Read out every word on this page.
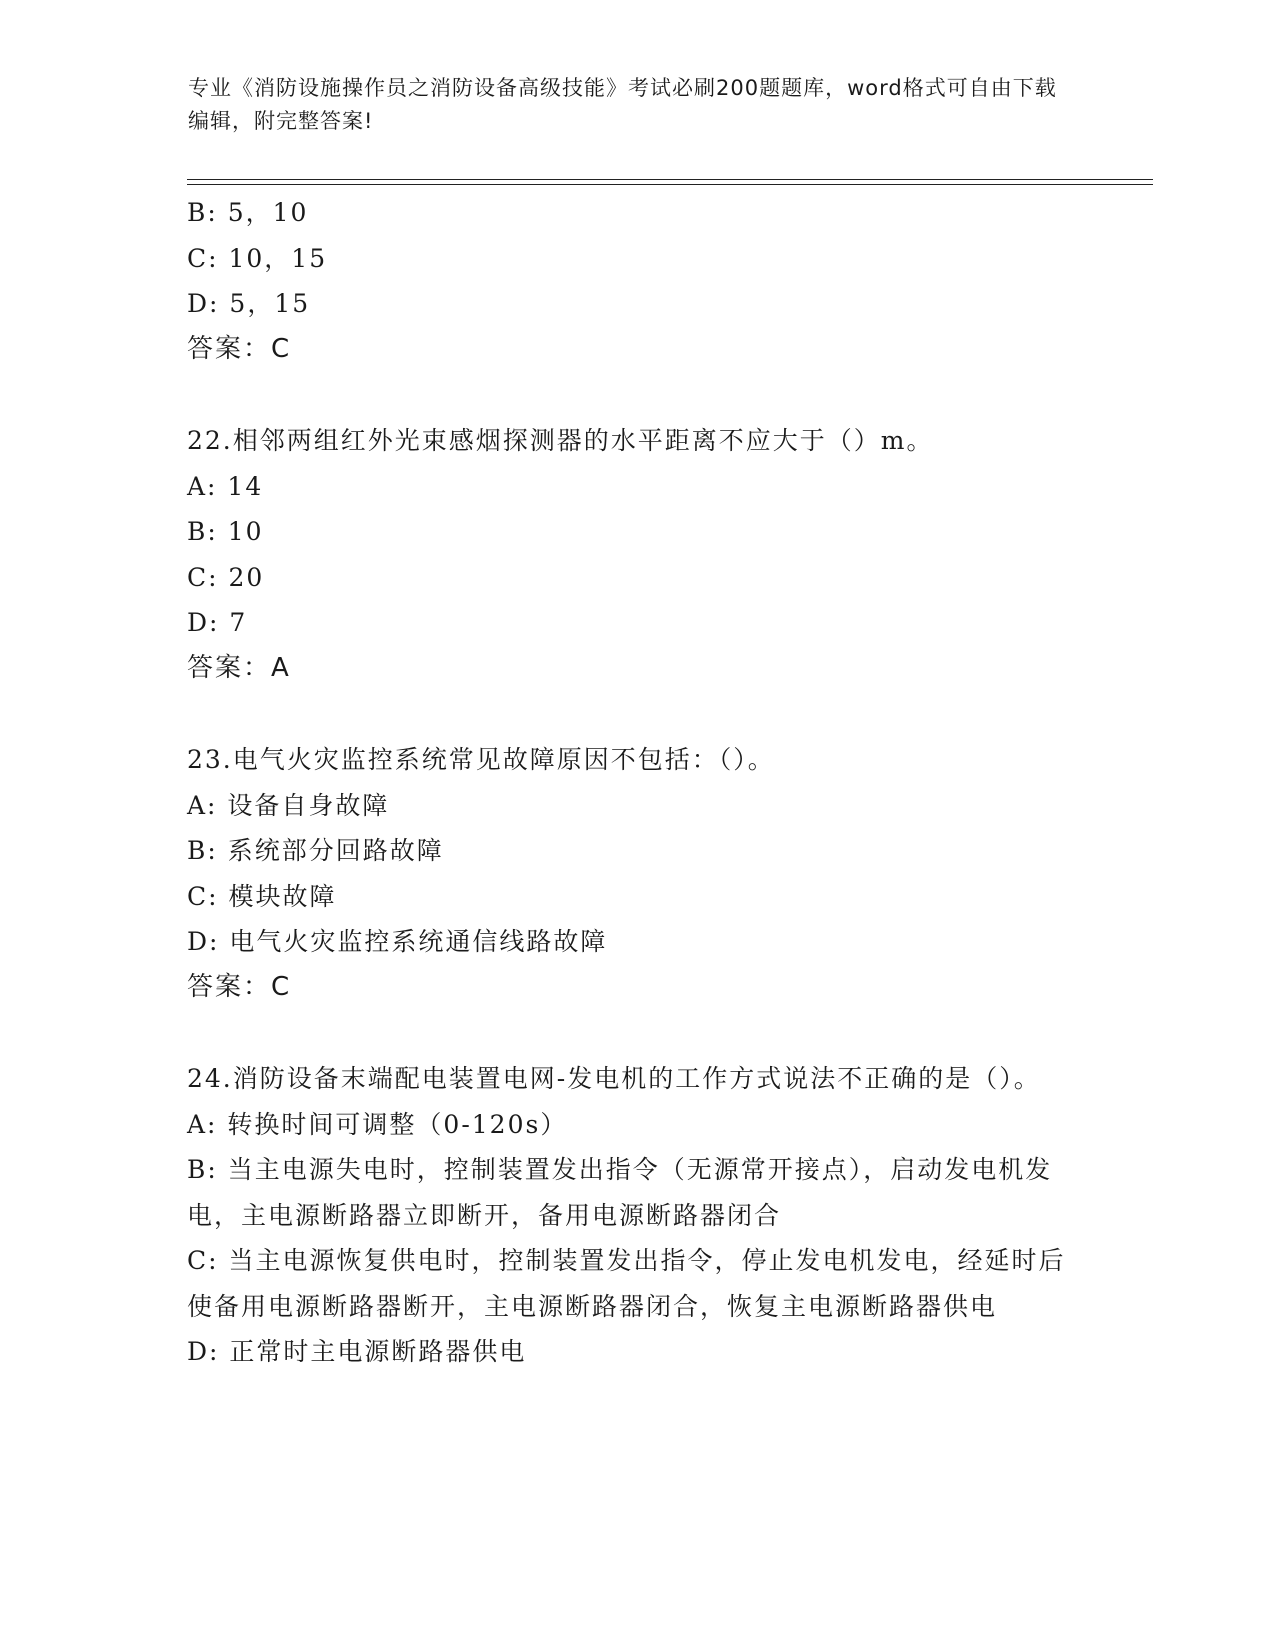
专业《消防设施操作员之消防设备高级技能》考试必刷200题题库，word格式可自由下载编辑，附完整答案!
B: 5，10
C: 10，15
D: 5，15
答案：C
22.相邻两组红外光束感烟探测器的水平距离不应大于（）m。
A: 14
B: 10
C: 20
D: 7
答案：A
23.电气火灾监控系统常见故障原因不包括：（）。
A: 设备自身故障
B: 系统部分回路故障
C: 模块故障
D: 电气火灾监控系统通信线路故障
答案：C
24.消防设备末端配电装置电网-发电机的工作方式说法不正确的是（）。
A: 转换时间可调整（0-120s）
B: 当主电源失电时，控制装置发出指令（无源常开接点），启动发电机发电，主电源断路器立即断开，备用电源断路器闭合
C: 当主电源恢复供电时，控制装置发出指令，停止发电机发电，经延时后使备用电源断路器断开，主电源断路器闭合，恢复主电源断路器供电
D: 正常时主电源断路器供电
